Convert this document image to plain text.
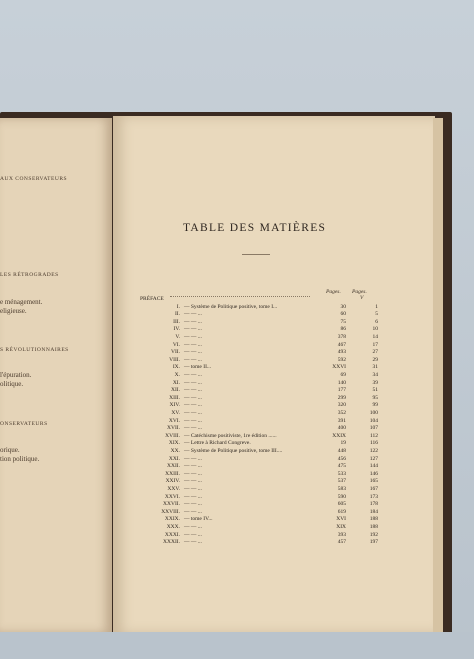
AUX CONSERVATEURS
LES RÉTROGRADES
e ménagement.
eligieuse.
S RÉVOLUTIONNAIRES
l'épuration.
olitique.
ONSERVATEURS
orique.
tion politique.
TABLE DES MATIÈRES
Pages. Pages.
V
PRÉFACE
I. — Système de Politique positive, tome I...	30	1
II. — — ...	60	5
III. — — ...	75	6
IV. — — ...	86	10
V. — — ...	378	14
VI. — — ...	467	17
VII. — — ...	493	27
VIII. — — ...	592	29
IX. — tome II...	XXVI	31
X. — — ...	69	34
XI. — — ...	140	39
XII. — — ...	177	51
XIII. — — ...	299	95
XIV. — — ...	320	99
XV. — — ...	352	100
XVI. — — ...	391	104
XVII. — — ...	400	107
XVIII. — Catéchisme positiviste, 1re édition ......	XXIX	112
XIX. — Lettre à Richard Congreve.	19	116
XX. — Système de Politique positive, tome III....	448	122
XXI. — — ...	456	127
XXII. — — ...	475	144
XXIII. — — ...	533	146
XXIV. — — ...	537	165
XXV. — — ...	583	167
XXVI. — — ...	590	173
XXVII. — — ...	605	178
XXVIII. — — ...	619	184
XXIX. — tome IV...	XVI	188
XXX. — — ...	XIX	188
XXXI. — — ...	393	192
XXXII. — — ...	457	197
